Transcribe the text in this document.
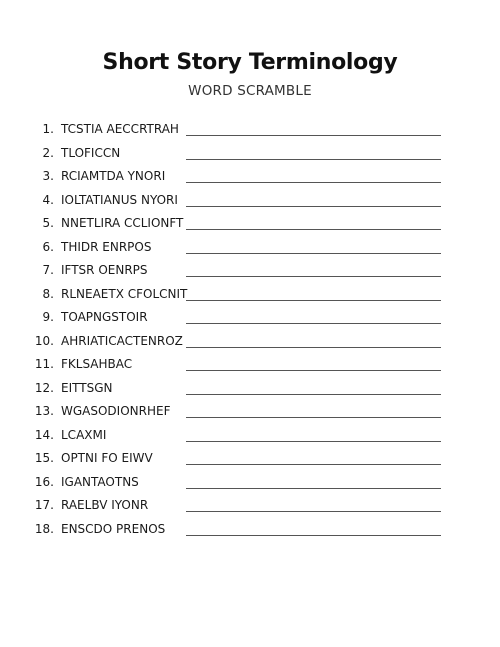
Short Story Terminology
WORD SCRAMBLE
1. TCSTIA AECCRTRAH
2. TLOFICCN
3. RCIAMTDA YNORI
4. IOLTATIANUS NYORI
5. NNETLIRA CCLIONFT
6. THIDR ENRPOS
7. IFTSR OENRPS
8. RLNEAETX CFOLCNIT
9. TOAPNGSTOIR
10. AHRIATICACTENROZ
11. FKLSAHBAC
12. EITTSGN
13. WGASODIONRHEF
14. LCAXMI
15. OPTNI FO EIWV
16. IGANTAOTNS
17. RAELBV IYONR
18. ENSCDO PRENOS
